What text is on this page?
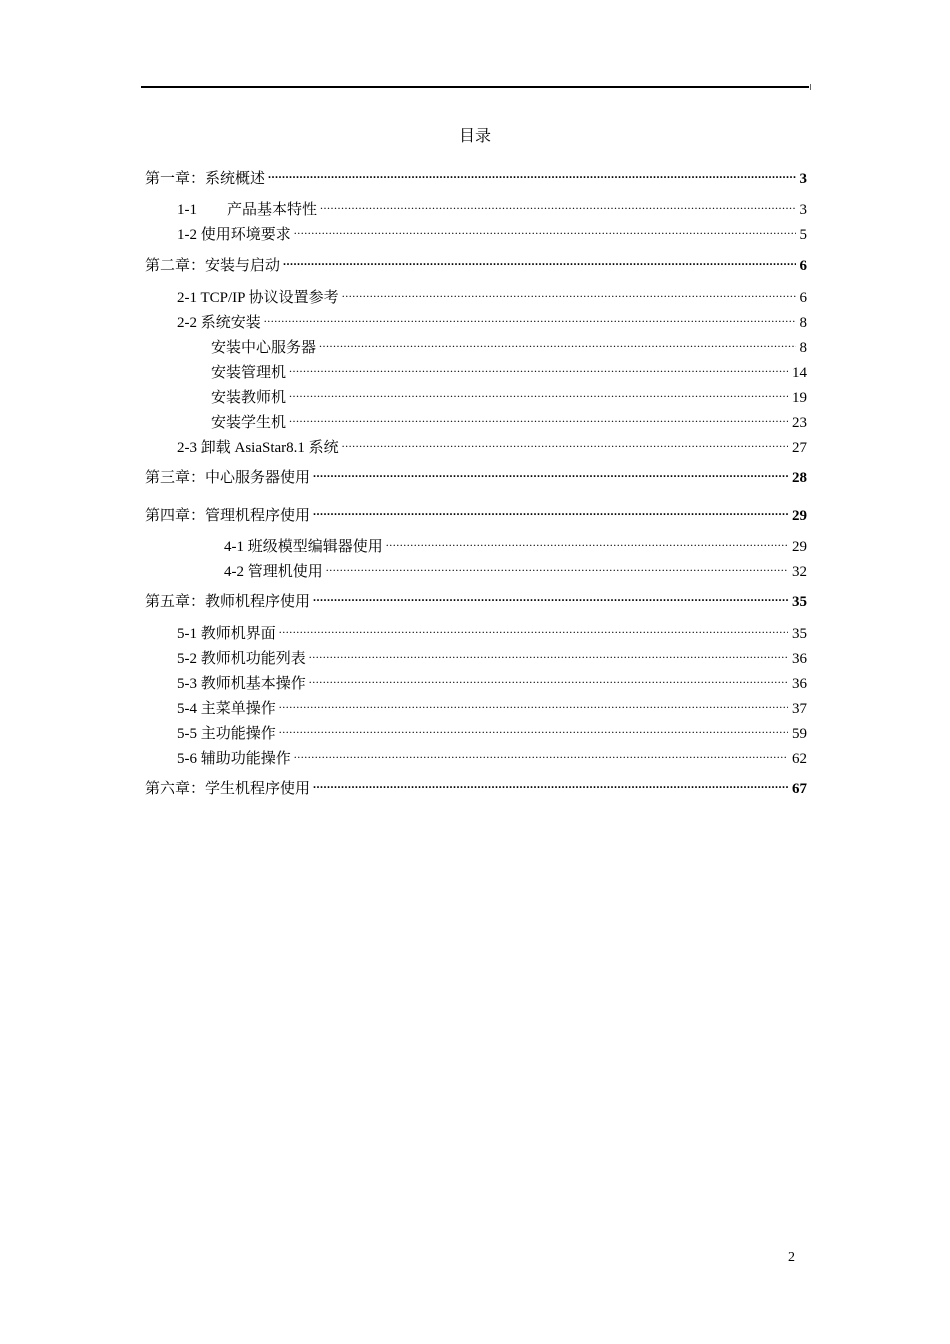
目录
第一章：系统概述 .....	3
1-1　　产品基本特性 .....	3
1-2 使用环境要求 .....	5
第二章：安装与启动 .....	6
2-1 TCP/IP 协议设置参考 .....	6
2-2 系统安装 .....	8
安装中心服务器 .....	8
安装管理机 .....	14
安装教师机 .....	19
安装学生机 .....	23
2-3 卸载 AsiaStar8.1 系统 .....	27
第三章：中心服务器使用 .....	28
第四章：管理机程序使用 .....	29
4-1 班级模型编辑器使用 .....	29
4-2 管理机使用 .....	32
第五章：教师机程序使用 .....	35
5-1 教师机界面 .....	35
5-2 教师机功能列表 .....	36
5-3 教师机基本操作 .....	36
5-4 主菜单操作 .....	37
5-5 主功能操作 .....	59
5-6 辅助功能操作 .....	62
第六章：学生机程序使用 .....	67
2
